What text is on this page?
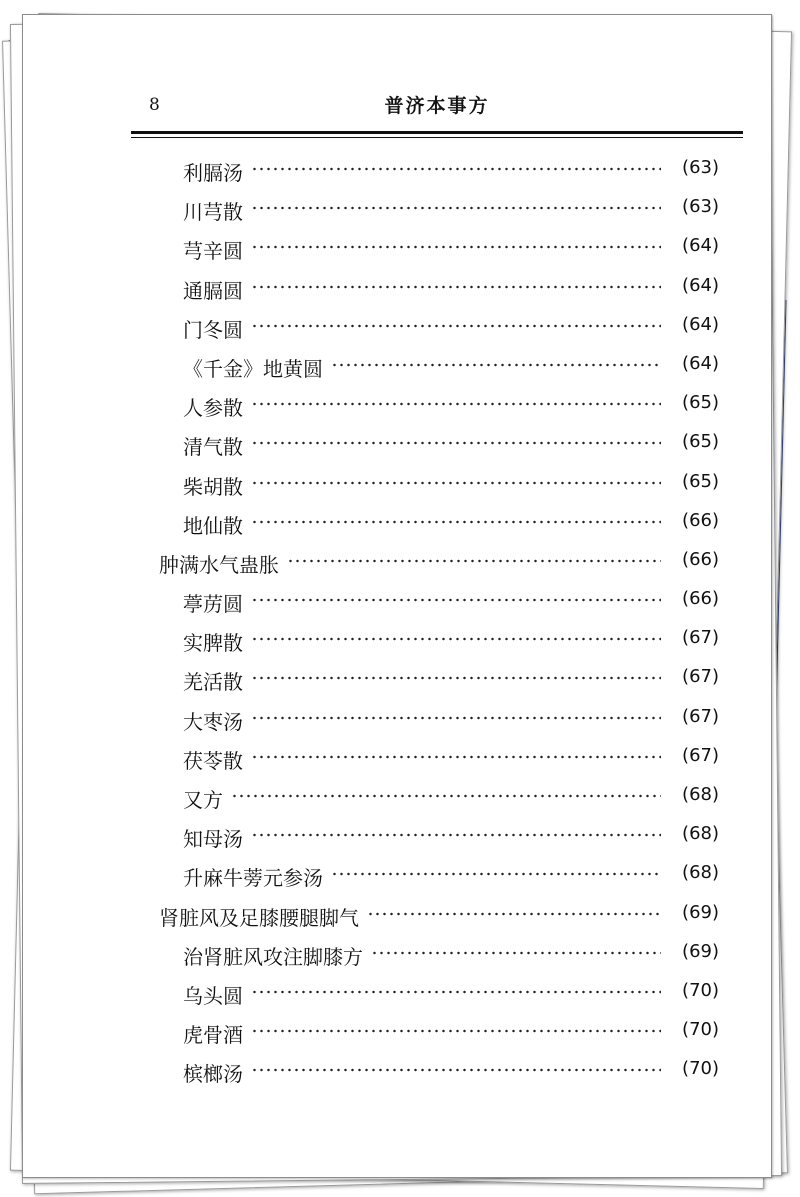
8	普济本事方
利膈汤	(63)
川芎散	(63)
芎辛圆	(64)
通膈圆	(64)
门冬圆	(64)
《千金》地黄圆	(64)
人参散	(65)
清气散	(65)
柴胡散	(65)
地仙散	(66)
肿满水气蛊胀	(66)
葶苈圆	(66)
实脾散	(67)
羌活散	(67)
大枣汤	(67)
茯苓散	(67)
又方	(68)
知母汤	(68)
升麻牛蒡元参汤	(68)
肾脏风及足膝腰腿脚气	(69)
治肾脏风攻注脚膝方	(69)
乌头圆	(70)
虎骨酒	(70)
槟榔汤	(70)
